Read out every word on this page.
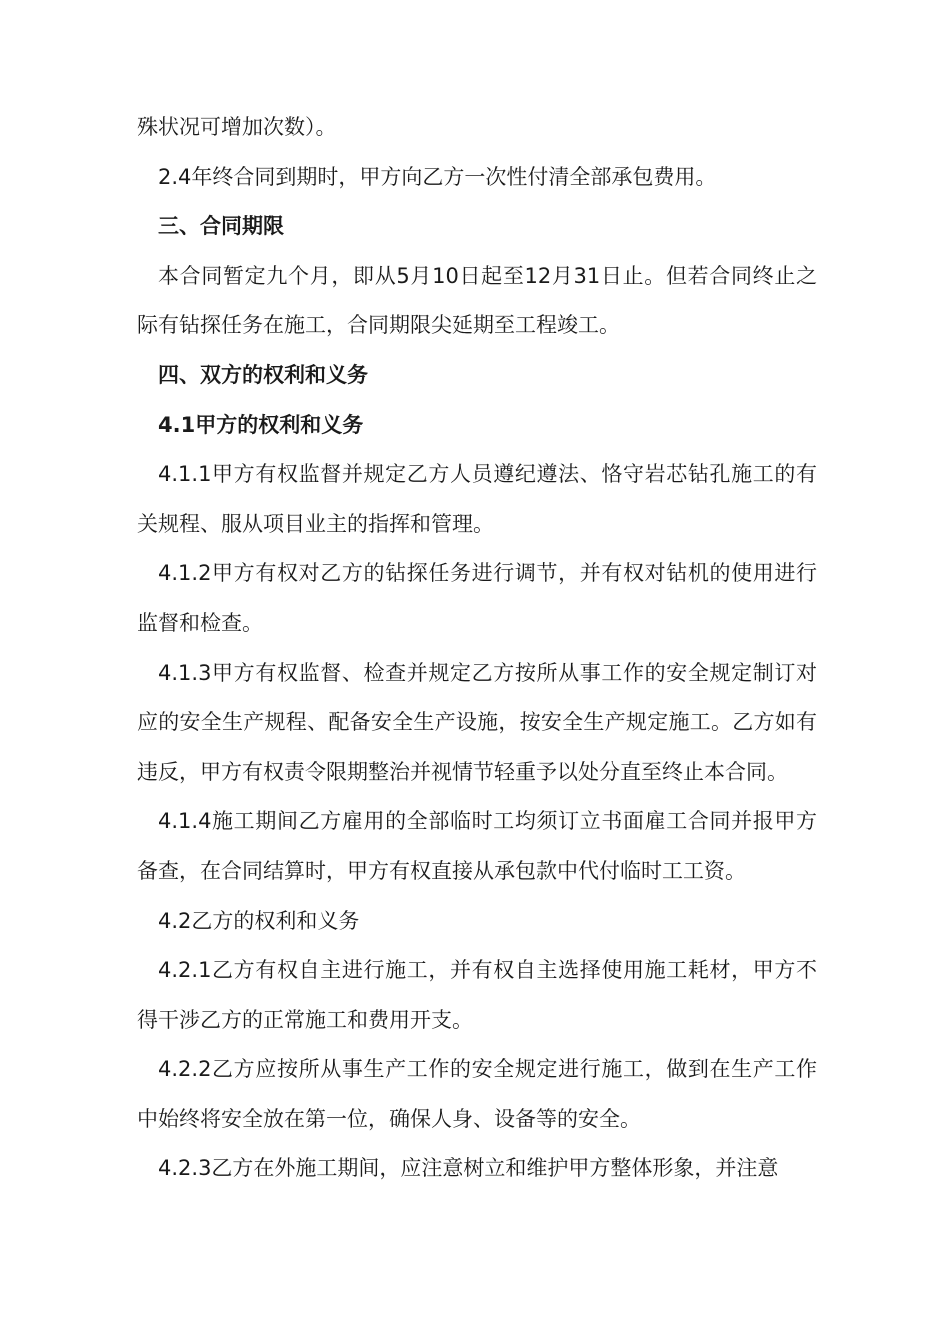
殊状况可增加次数）。

2.4年终合同到期时，甲方向乙方一次性付清全部承包费用。

三、合同期限

本合同暂定九个月，即从5月10日起至12月31日止。但若合同终止之际有钻探任务在施工，合同期限尖延期至工程竣工。

四、双方的权利和义务

4.1甲方的权利和义务

4.1.1甲方有权监督并规定乙方人员遵纪遵法、恪守岩芯钻孔施工的有关规程、服从项目业主的指挥和管理。

4.1.2甲方有权对乙方的钻探任务进行调节，并有权对钻机的使用进行监督和检查。

4.1.3甲方有权监督、检查并规定乙方按所从事工作的安全规定制订对应的安全生产规程、配备安全生产设施，按安全生产规定施工。乙方如有违反，甲方有权责令限期整治并视情节轻重予以处分直至终止本合同。

4.1.4施工期间乙方雇用的全部临时工均须订立书面雇工合同并报甲方备查，在合同结算时，甲方有权直接从承包款中代付临时工工资。

4.2乙方的权利和义务

4.2.1乙方有权自主进行施工，并有权自主选择使用施工耗材，甲方不得干涉乙方的正常施工和费用开支。

4.2.2乙方应按所从事生产工作的安全规定进行施工，做到在生产工作中始终将安全放在第一位，确保人身、设备等的安全。

4.2.3乙方在外施工期间，应注意树立和维护甲方整体形象，并注意
